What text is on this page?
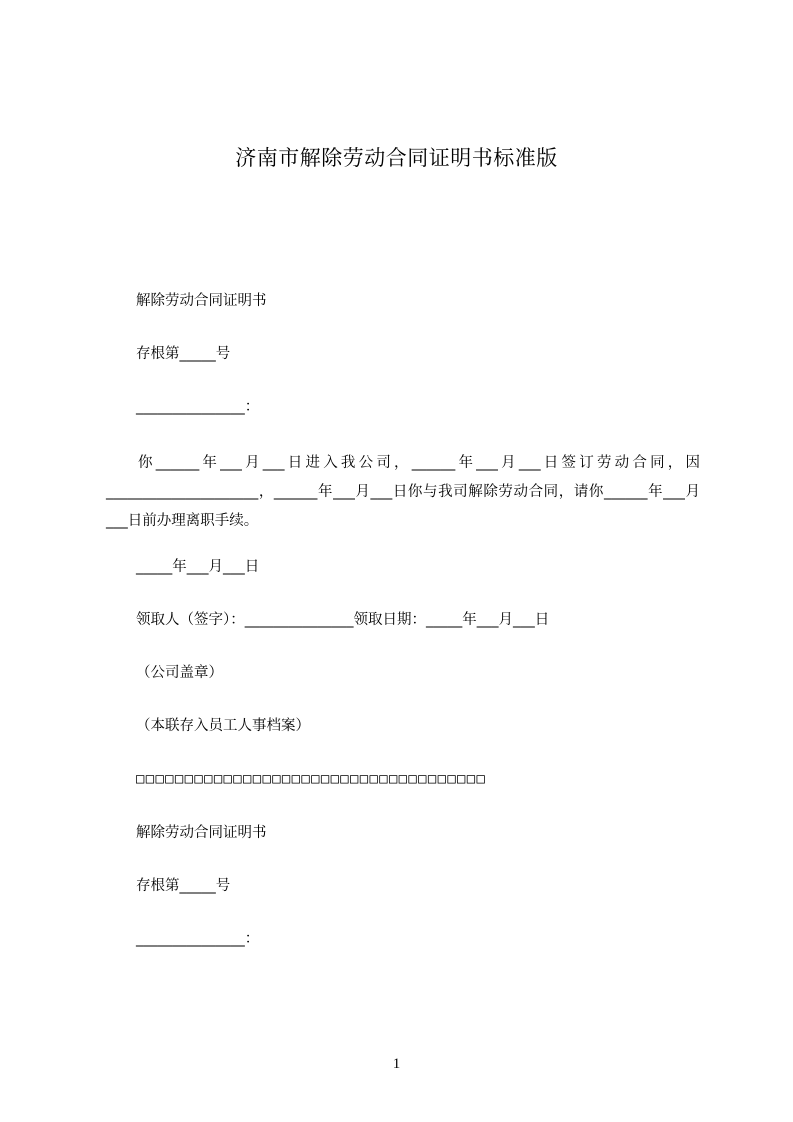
济南市解除劳动合同证明书标准版
解除劳动合同证明书
存根第_____号
_______________：
你______年___月___日进入我公司，______年___月___日签订劳动合同，因_____________________，______年___月___日你与我司解除劳动合同，请你______年___月___日前办理离职手续。
_____年___月___日
领取人（签字）：_______________领取日期：_____年___月___日
（公司盖章）
（本联存入员工人事档案）
□□□□□□□□□□□□□□□□□□□□□□□□□□□□□□□□□□□□
解除劳动合同证明书
存根第_____号
_______________：
1
